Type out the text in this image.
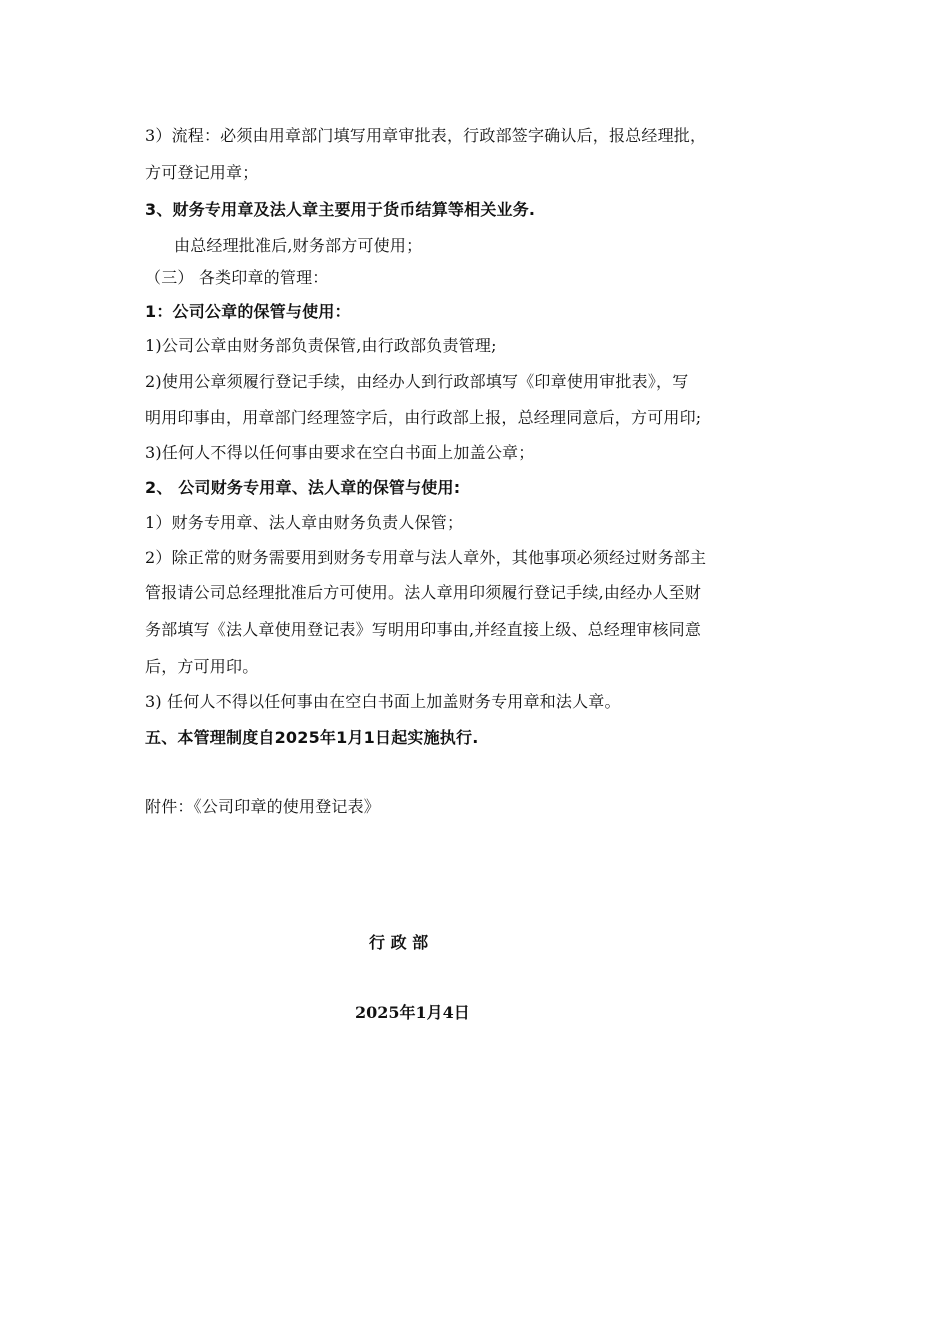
3）流程：必须由用章部门填写用章审批表，行政部签字确认后，报总经理批，
方可登记用章；
3、财务专用章及法人章主要用于货币结算等相关业务.
由总经理批准后,财务部方可使用；
（三） 各类印章的管理：
1：公司公章的保管与使用：
1)公司公章由财务部负责保管,由行政部负责管理;
2)使用公章须履行登记手续，由经办人到行政部填写《印章使用审批表》，写
明用印事由，用章部门经理签字后，由行政部上报，总经理同意后，方可用印;
3)任何人不得以任何事由要求在空白书面上加盖公章；
2、 公司财务专用章、法人章的保管与使用:
1）财务专用章、法人章由财务负责人保管；
2）除正常的财务需要用到财务专用章与法人章外，其他事项必须经过财务部主
管报请公司总经理批准后方可使用。法人章用印须履行登记手续,由经办人至财
务部填写《法人章使用登记表》写明用印事由,并经直接上级、总经理审核同意
后，方可用印。
3) 任何人不得以任何事由在空白书面上加盖财务专用章和法人章。
五、本管理制度自2025年1月1日起实施执行.
附件：《公司印章的使用登记表》
行 政 部
2025年1月4日
